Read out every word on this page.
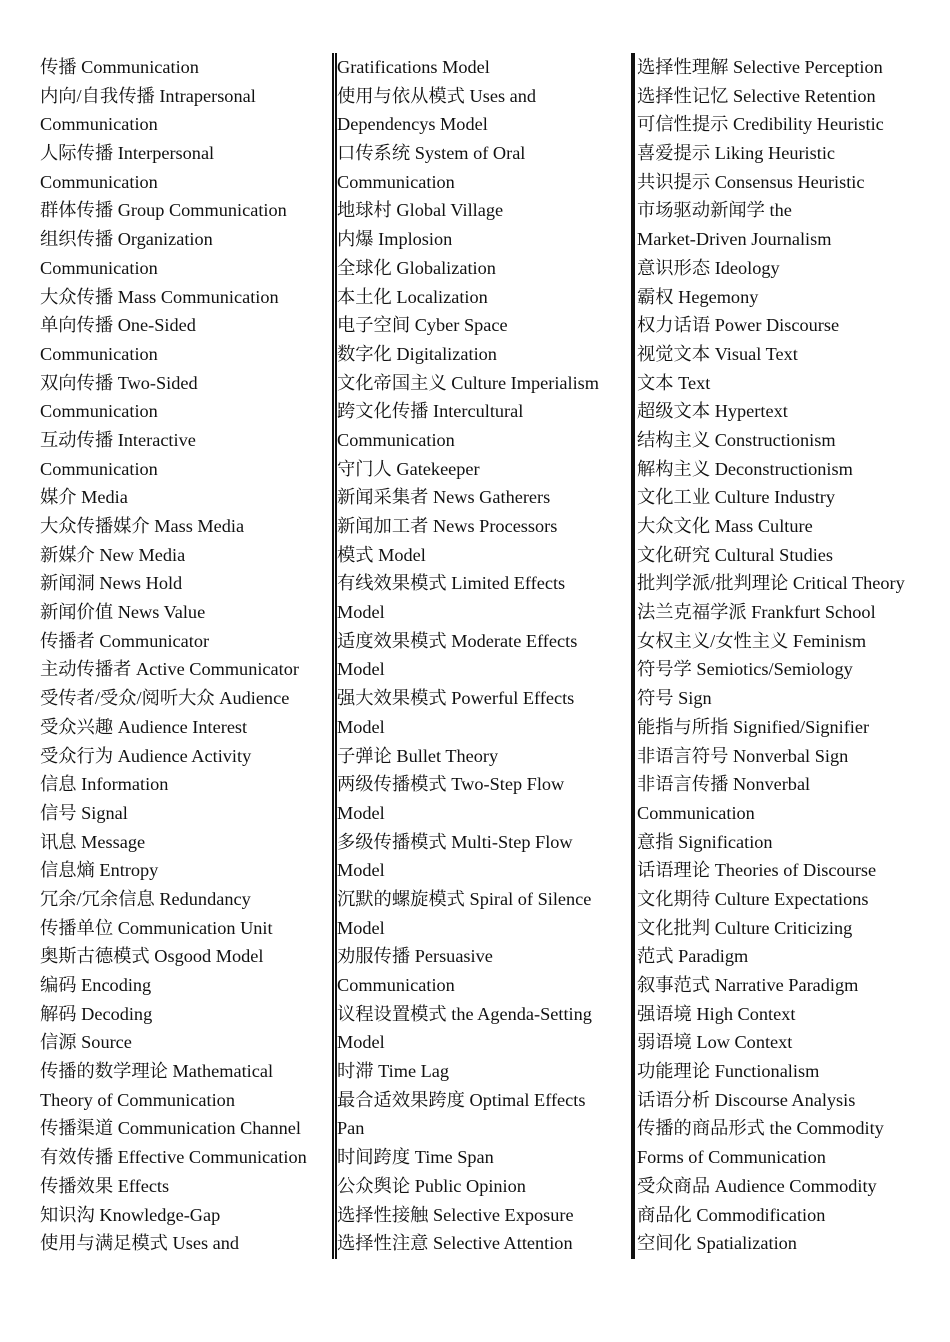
传播 Communication
内向/自我传播 Intrapersonal
Communication
人际传播 Interpersonal
Communication
群体传播 Group Communication
组织传播 Organization
Communication
大众传播 Mass Communication
单向传播 One-Sided
Communication
双向传播 Two-Sided
Communication
互动传播 Interactive
Communication
媒介 Media
大众传播媒介 Mass Media
新媒介 New Media
新闻洞 News Hold
新闻价值 News Value
传播者 Communicator
主动传播者 Active Communicator
受传者/受众/阅听大众 Audience
受众兴趣 Audience Interest
受众行为 Audience Activity
信息 Information
信号 Signal
讯息 Message
信息熵 Entropy
冗余/冗余信息 Redundancy
传播单位 Communication Unit
奥斯古德模式 Osgood Model
编码 Encoding
解码 Decoding
信源 Source
传播的数学理论 Mathematical
Theory of Communication
传播渠道 Communication Channel
有效传播 Effective Communication
传播效果 Effects
知识沟 Knowledge-Gap
使用与满足模式 Uses and
Gratifications Model
使用与依从模式 Uses and
Dependencys Model
口传系统 System of Oral
Communication
地球村 Global Village
内爆 Implosion
全球化 Globalization
本土化 Localization
电子空间 Cyber Space
数字化 Digitalization
文化帝国主义 Culture Imperialism
跨文化传播 Intercultural
Communication
守门人 Gatekeeper
新闻采集者 News Gatherers
新闻加工者 News Processors
模式 Model
有线效果模式 Limited Effects
Model
适度效果模式 Moderate Effects
Model
强大效果模式 Powerful Effects
Model
子弹论 Bullet Theory
两级传播模式 Two-Step Flow
Model
多级传播模式 Multi-Step Flow
Model
沉默的螺旋模式 Spiral of Silence
Model
劝服传播 Persuasive
Communication
议程设置模式 the Agenda-Setting
Model
时滞 Time Lag
最合适效果跨度 Optimal Effects
Pan
时间跨度 Time Span
公众舆论 Public Opinion
选择性接触 Selective Exposure
选择性注意 Selective Attention
选择性理解 Selective Perception
选择性记忆 Selective Retention
可信性提示 Credibility Heuristic
喜爱提示 Liking Heuristic
共识提示 Consensus Heuristic
市场驱动新闻学 the
Market-Driven Journalism
意识形态 Ideology
霸权 Hegemony
权力话语 Power Discourse
视觉文本 Visual Text
文本 Text
超级文本 Hypertext
结构主义 Constructionism
解构主义 Deconstructionism
文化工业 Culture Industry
大众文化 Mass Culture
文化研究 Cultural Studies
批判学派/批判理论 Critical Theory
法兰克福学派 Frankfurt School
女权主义/女性主义 Feminism
符号学 Semiotics/Semiology
符号 Sign
能指与所指 Signified/Signifier
非语言符号 Nonverbal Sign
非语言传播 Nonverbal
Communication
意指 Signification
话语理论 Theories of Discourse
文化期待 Culture Expectations
文化批判 Culture Criticizing
范式 Paradigm
叙事范式 Narrative Paradigm
强语境 High Context
弱语境 Low Context
功能理论 Functionalism
话语分析 Discourse Analysis
传播的商品形式 the Commodity
Forms of Communication
受众商品 Audience Commodity
商品化 Commodification
空间化 Spatialization
